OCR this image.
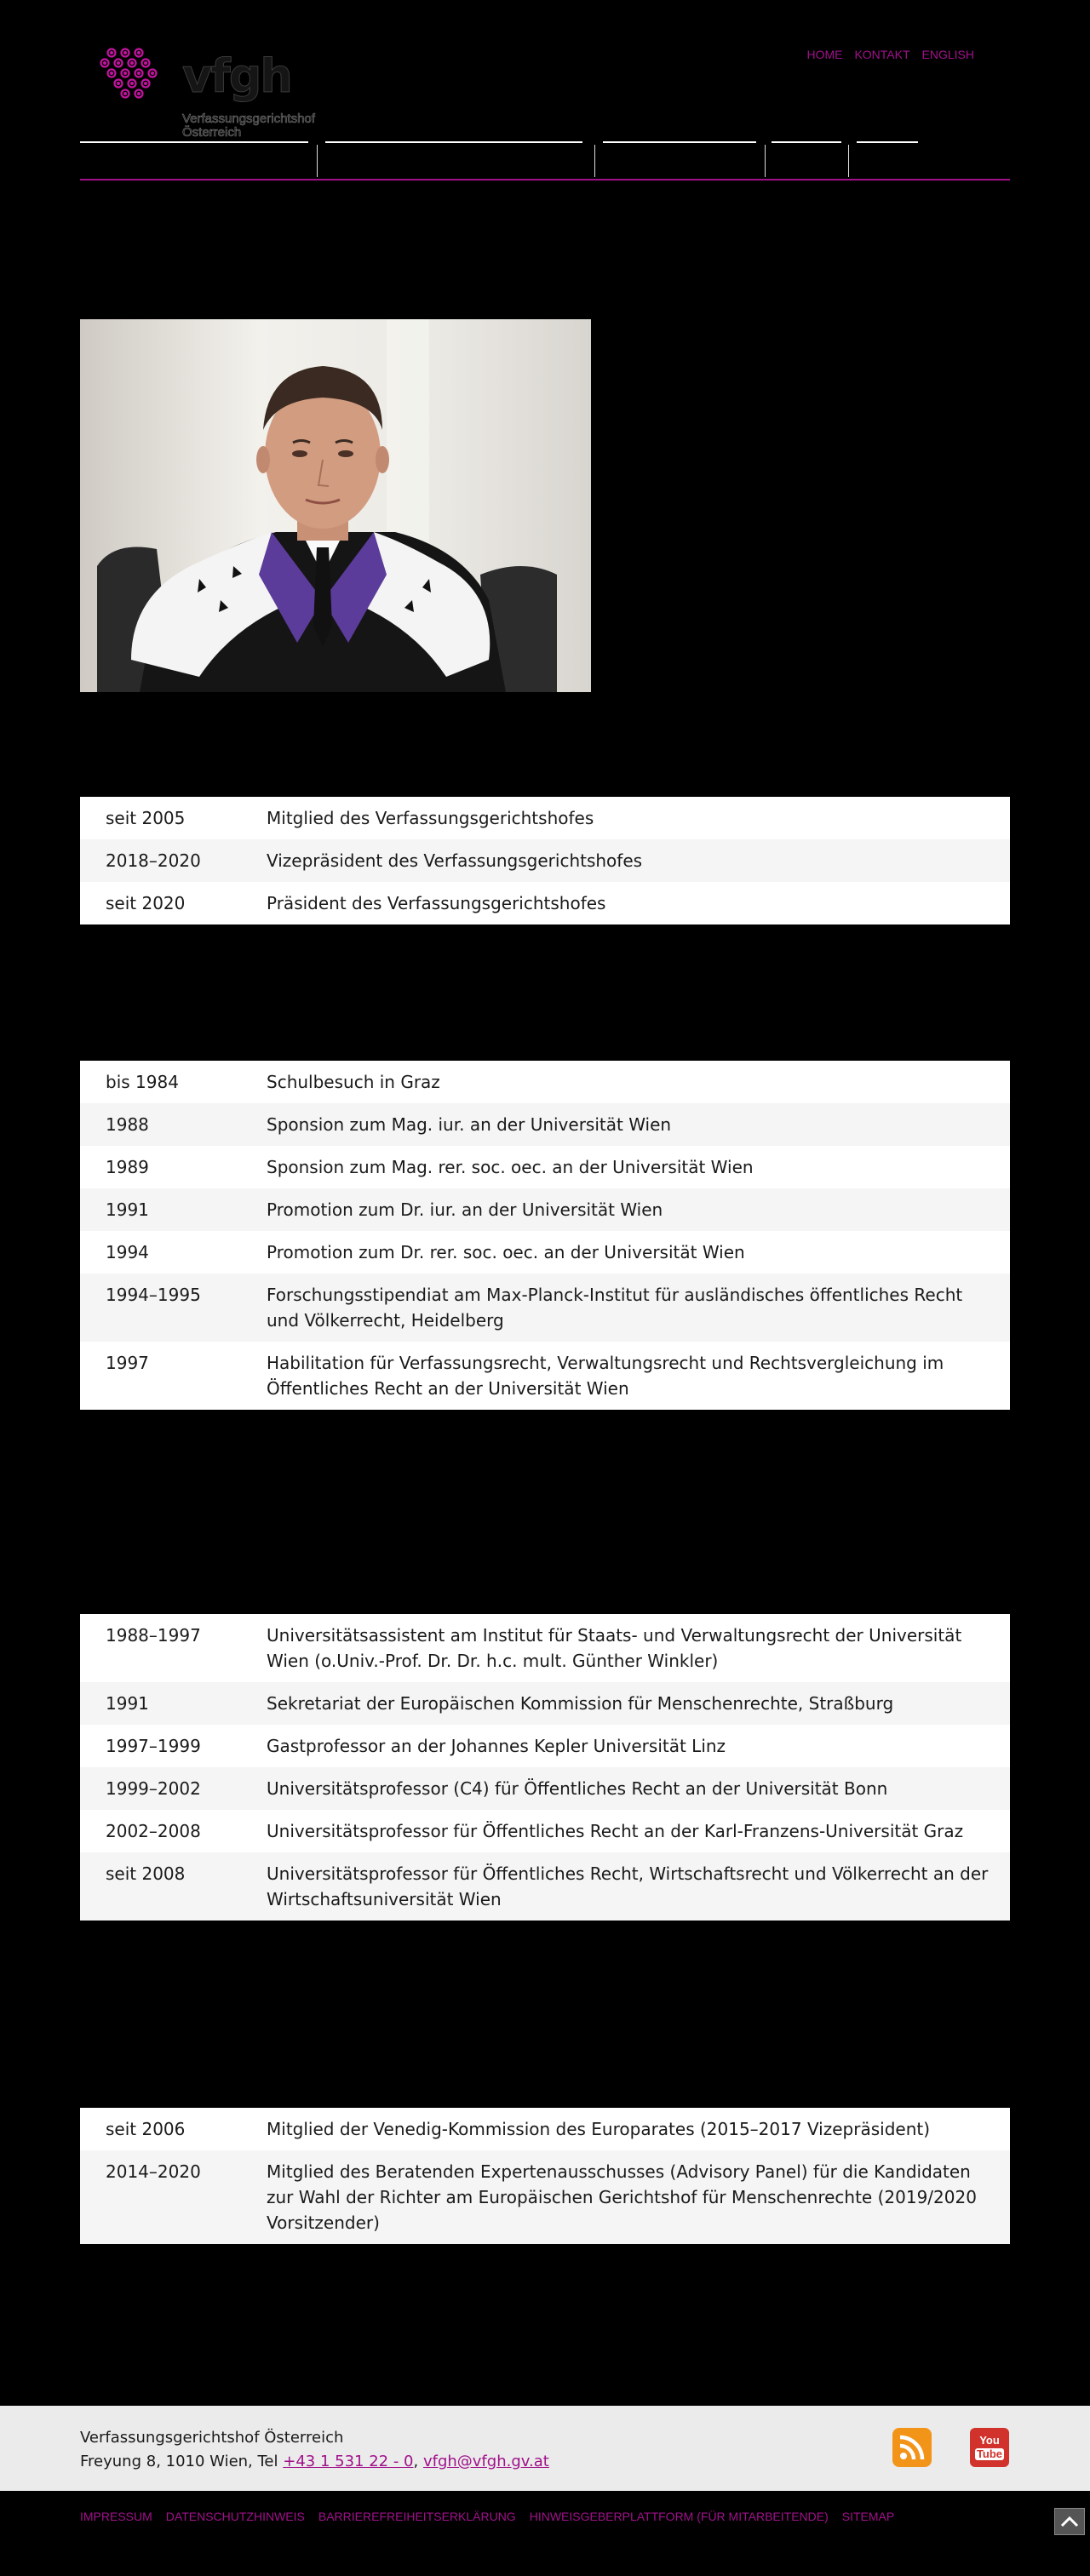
vfgh
Verfassungsgerichtshof
Österreich
HOME KONTAKT ENGLISH
seit 2005	Mitglied des Verfassungsgerichtshofes
2018–2020	Vizepräsident des Verfassungsgerichtshofes
seit 2020	Präsident des Verfassungsgerichtshofes
bis 1984	Schulbesuch in Graz
1988	Sponsion zum Mag. iur. an der Universität Wien
1989	Sponsion zum Mag. rer. soc. oec. an der Universität Wien
1991	Promotion zum Dr. iur. an der Universität Wien
1994	Promotion zum Dr. rer. soc. oec. an der Universität Wien
1994–1995	Forschungsstipendiat am Max-Planck-Institut für ausländisches öffentliches Recht und Völkerrecht, Heidelberg
1997	Habilitation für Verfassungsrecht, Verwaltungsrecht und Rechtsvergleichung im Öffentliches Recht an der Universität Wien
1988–1997	Universitätsassistent am Institut für Staats- und Verwaltungsrecht der Universität Wien (o.Univ.-Prof. Dr. Dr. h.c. mult. Günther Winkler)
1991	Sekretariat der Europäischen Kommission für Menschenrechte, Straßburg
1997–1999	Gastprofessor an der Johannes Kepler Universität Linz
1999–2002	Universitätsprofessor (C4) für Öffentliches Recht an der Universität Bonn
2002–2008	Universitätsprofessor für Öffentliches Recht an der Karl-Franzens-Universität Graz
seit 2008	Universitätsprofessor für Öffentliches Recht, Wirtschaftsrecht und Völkerrecht an der Wirtschaftsuniversität Wien
seit 2006	Mitglied der Venedig-Kommission des Europarates (2015–2017 Vizepräsident)
2014–2020	Mitglied des Beratenden Expertenausschusses (Advisory Panel) für die Kandidaten zur Wahl der Richter am Europäischen Gerichtshof für Menschenrechte (2019/2020 Vorsitzender)
Verfassungsgerichtshof Österreich
Freyung 8, 1010 Wien, Tel +43 1 531 22 - 0, vfgh@vfgh.gv.at
You
Tube
IMPRESSUM DATENSCHUTZHINWEIS BARRIEREFREIHEITSERKLÄRUNG HINWEISGEBERPLATTFORM (FÜR MITARBEITENDE) SITEMAP
